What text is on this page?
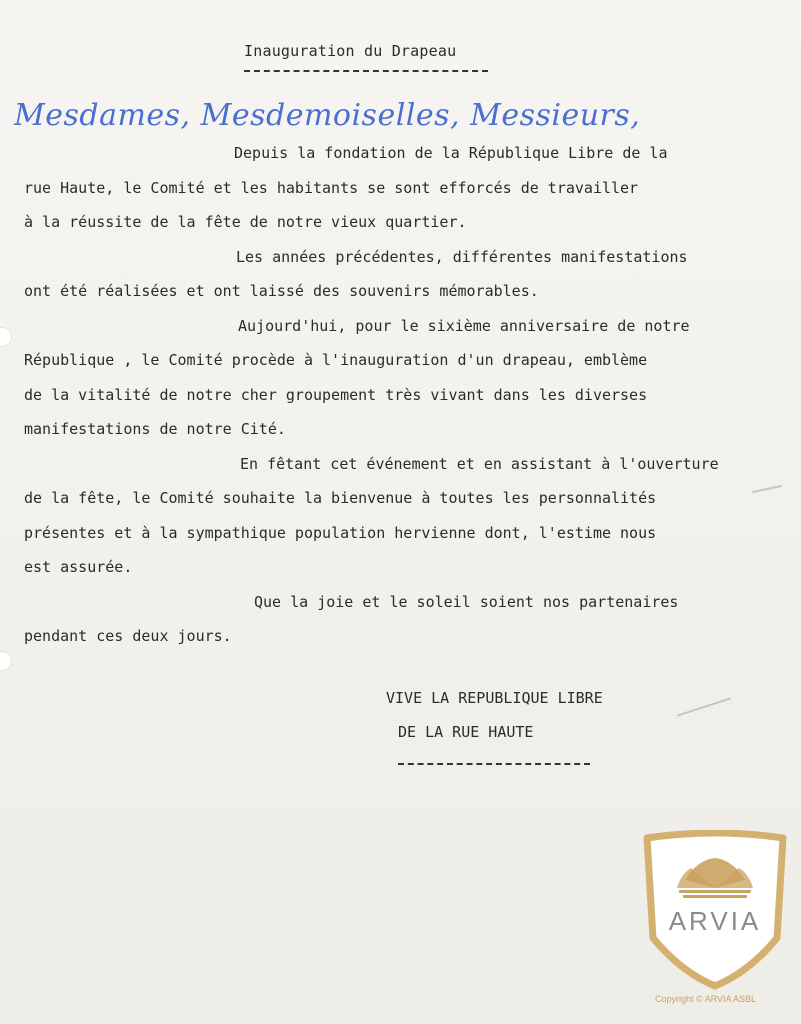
Inauguration du Drapeau
Mesdames, Mesdemoiselles, Messieurs,
Depuis la fondation de la République Libre de la
rue Haute, le Comité et les habitants se sont efforcés de travailler
à la réussite de la fête de notre vieux quartier.
Les années précédentes, différentes manifestations
ont été réalisées et ont laissé des souvenirs mémorables.
Aujourd'hui, pour le sixième anniversaire de notre
République , le Comité procède à l'inauguration d'un drapeau, emblème
de la vitalité de notre cher groupement très vivant dans les diverses
manifestations de notre Cité.
En fêtant cet événement et en assistant à l'ouverture
de la fête, le Comité souhaite la bienvenue à toutes les personnalités
présentes et à la sympathique population hervienne dont, l'estime nous
est assurée.
Que la joie et le soleil soient nos partenaires
pendant ces deux jours.
VIVE LA REPUBLIQUE LIBRE
DE LA RUE HAUTE
ARVIA
Copyright © ARVIA ASBL
